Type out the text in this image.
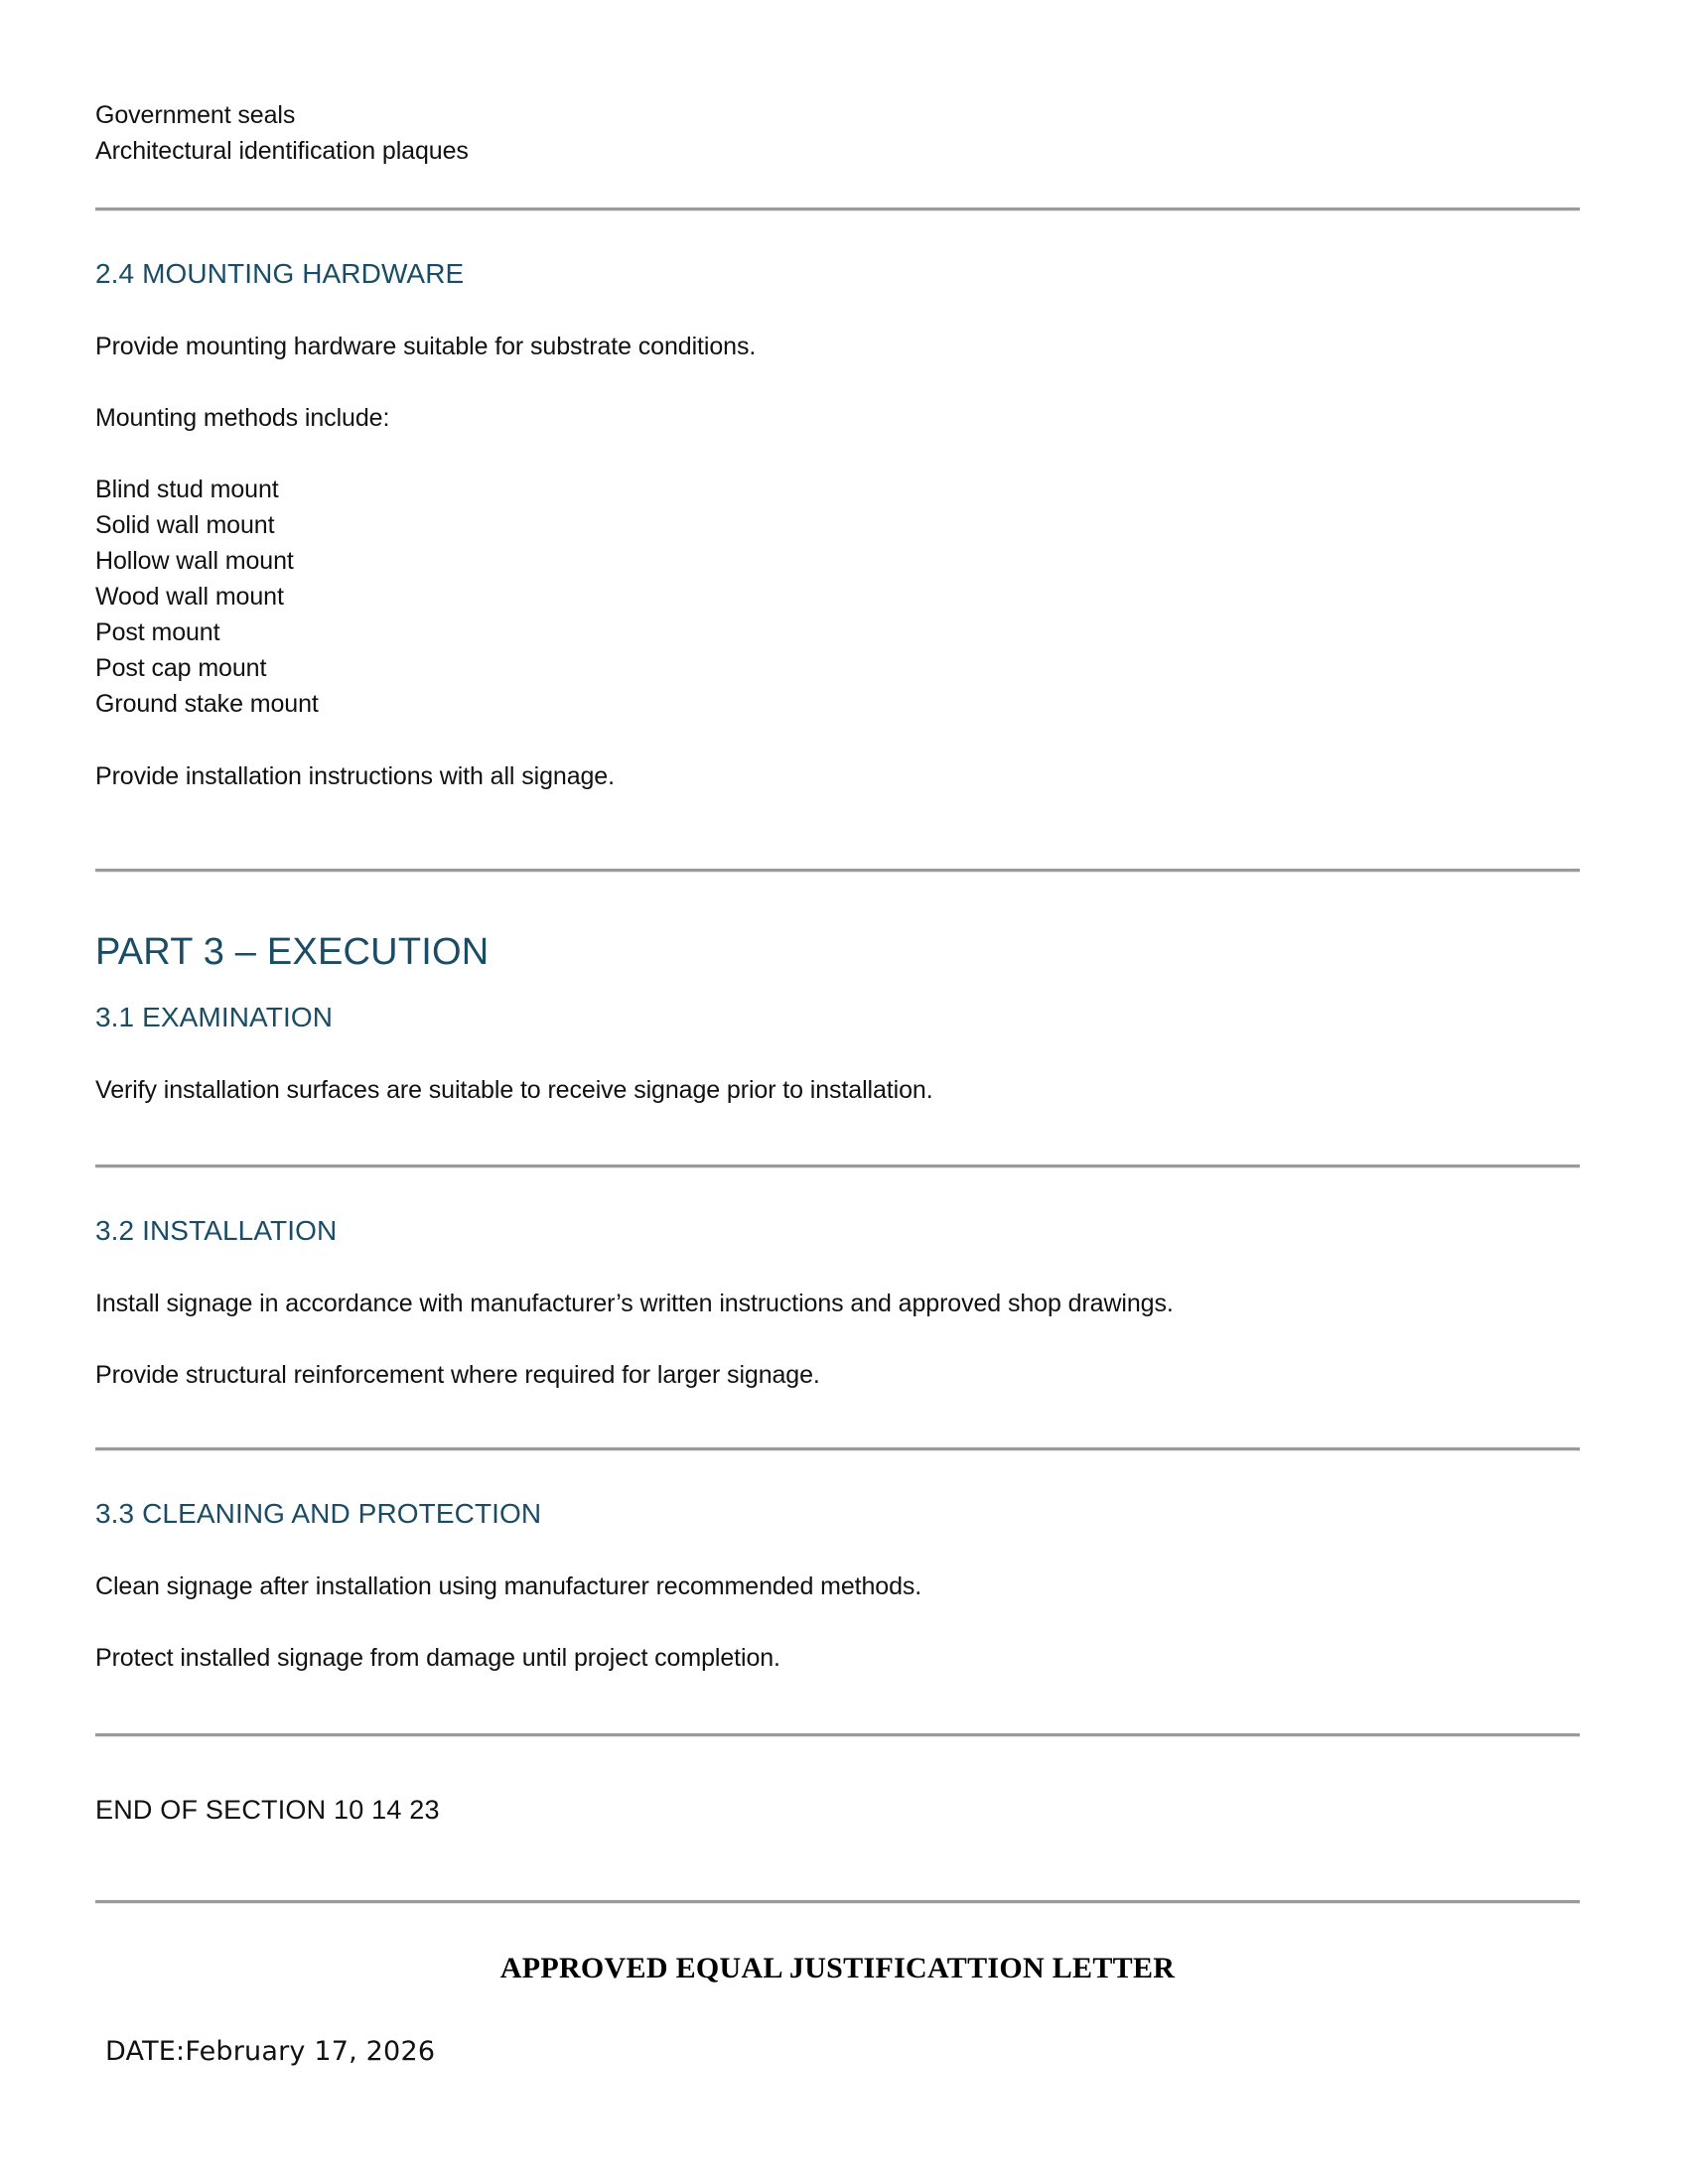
Government seals
Architectural identification plaques
2.4 MOUNTING HARDWARE

Provide mounting hardware suitable for substrate conditions.

Mounting methods include:

Blind stud mount
Solid wall mount
Hollow wall mount
Wood wall mount
Post mount
Post cap mount
Ground stake mount

Provide installation instructions with all signage.

PART 3 – EXECUTION
3.1 EXAMINATION

Verify installation surfaces are suitable to receive signage prior to installation.

3.2 INSTALLATION

Install signage in accordance with manufacturer’s written instructions and approved shop drawings.

Provide structural reinforcement where required for larger signage.

3.3 CLEANING AND PROTECTION

Clean signage after installation using manufacturer recommended methods.

Protect installed signage from damage until project completion.

END OF SECTION 10 14 23

APPROVED EQUAL JUSTIFICATTION LETTER

DATE:February 17, 2026
